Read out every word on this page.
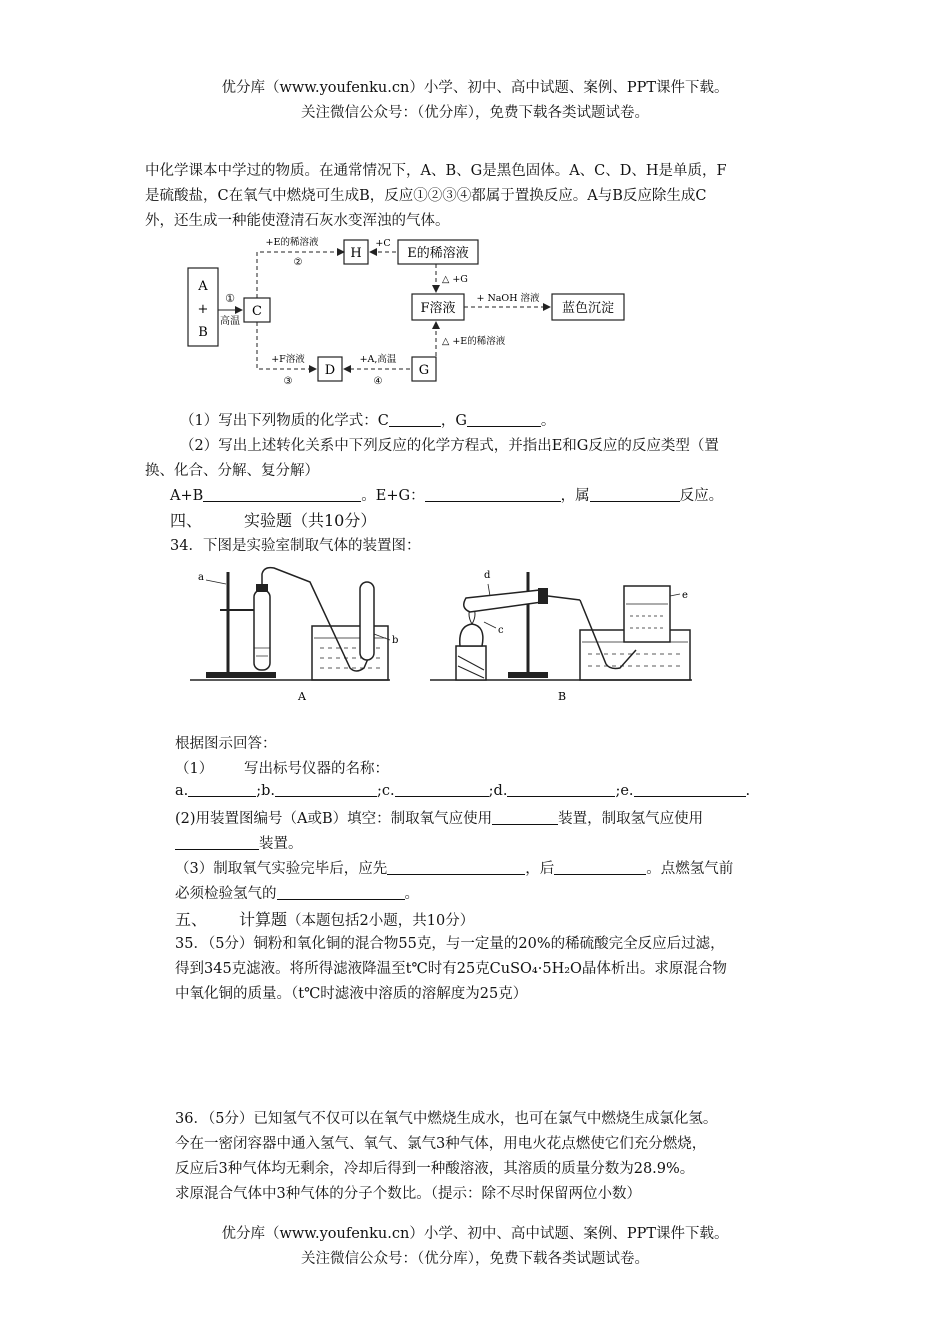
优分库（www.youfenku.cn）小学、初中、高中试题、案例、PPT课件下载。
关注微信公众号：（优分库），免费下载各类试题试卷。
中化学课本中学过的物质。在通常情况下，A、B、G是黑色固体。A、C、D、H是单质，F
是硫酸盐，C在氧气中燃烧可生成B，反应①②③④都属于置换反应。A与B反应除生成C
外，还生成一种能使澄清石灰水变浑浊的气体。
A
+
B
①
高温
C
+E的稀溶液
②
H
+C
E的稀溶液
△ +G
F溶液
+ NaOH 溶液
蓝色沉淀
△ +E的稀溶液
G
+F溶液
③
D
+A,高温
④
（1）写出下列物质的化学式：C	，G	。
（2）写出上述转化关系中下列反应的化学方程式，并指出E和G反应的反应类型（置
换、化合、分解、复分解）
A+B	。E+G：	，属	反应。
四、	实验题（共10分）
34．下图是实验室制取气体的装置图：
a
b
A
d
c
e
B
根据图示回答：
（1） 写出标号仪器的名称：
a.	;b.	;c.	;d.	;e.	.
(2)用装置图编号（A或B）填空：制取氧气应使用	装置，制取氢气应使用
装置。
（3）制取氧气实验完毕后，应先	，后	。点燃氢气前
必须检验氢气的	。
五、 计算题（本题包括2小题，共10分）
35．（5分）铜粉和氧化铜的混合物55克，与一定量的20%的稀硫酸完全反应后过滤，
得到345克滤液。将所得滤液降温至t℃时有25克CuSO₄·5H₂O晶体析出。求原混合物
中氧化铜的质量。（t℃时滤液中溶质的溶解度为25克）
36．（5分）已知氢气不仅可以在氧气中燃烧生成水，也可在氯气中燃烧生成氯化氢。
今在一密闭容器中通入氢气、氧气、氯气3种气体，用电火花点燃使它们充分燃烧，
反应后3种气体均无剩余，冷却后得到一种酸溶液，其溶质的质量分数为28.9%。
求原混合气体中3种气体的分子个数比。（提示：除不尽时保留两位小数）
优分库（www.youfenku.cn）小学、初中、高中试题、案例、PPT课件下载。
关注微信公众号：（优分库），免费下载各类试题试卷。
